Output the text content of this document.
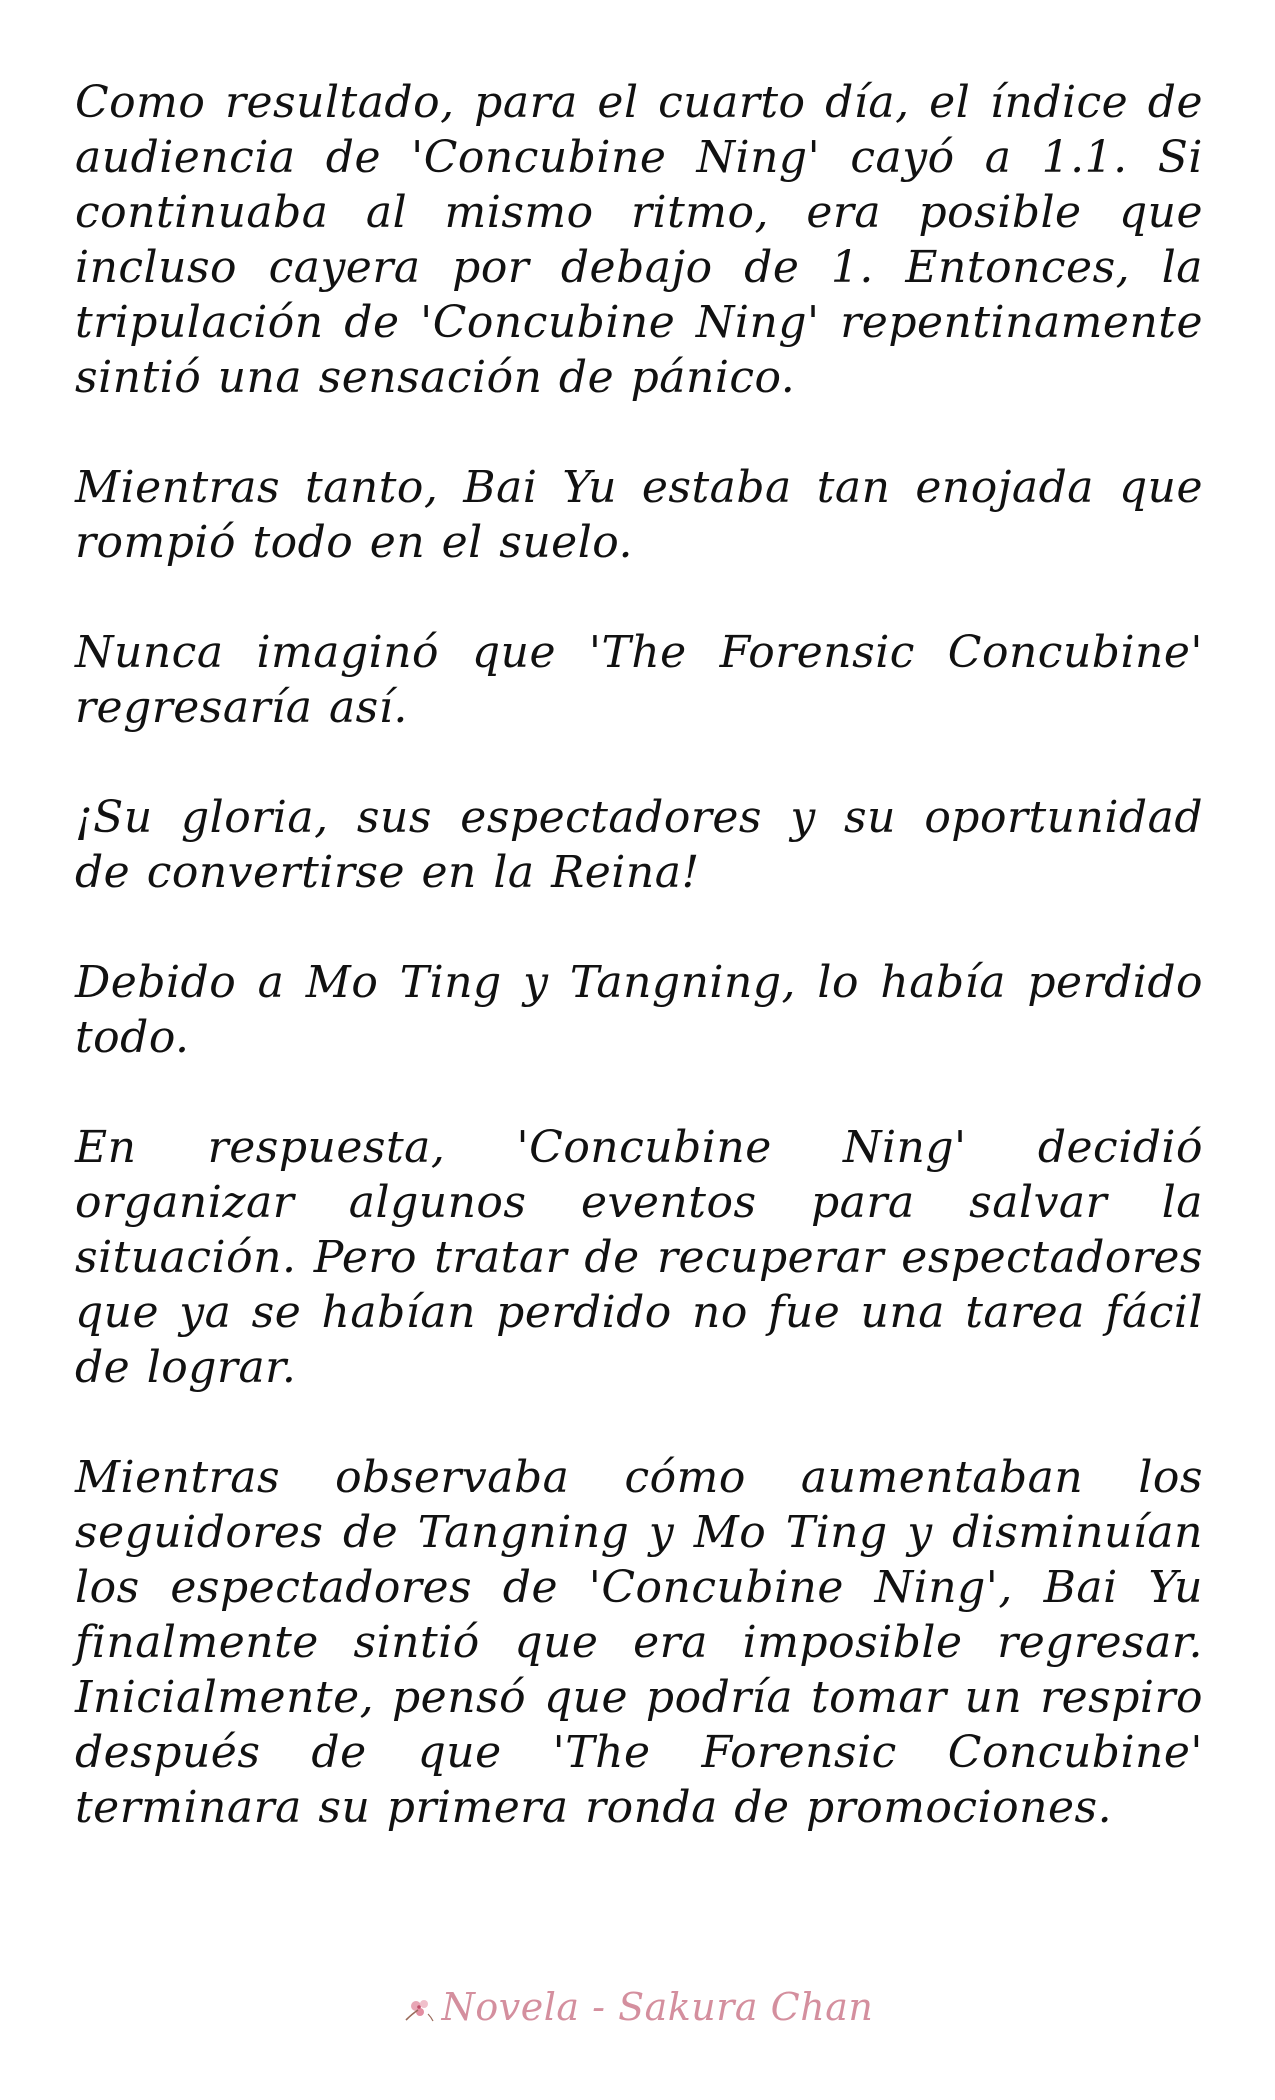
Como resultado, para el cuarto día, el índice de audiencia de 'Concubine Ning' cayó a 1.1. Si continuaba al mismo ritmo, era posible que incluso cayera por debajo de 1. Entonces, la tripulación de 'Concubine Ning' repentinamente sintió una sensación de pánico.

Mientras tanto, Bai Yu estaba tan enojada que rompió todo en el suelo.

Nunca imaginó que 'The Forensic Concubine' regresaría así.

¡Su gloria, sus espectadores y su oportunidad de convertirse en la Reina!

Debido a Mo Ting y Tangning, lo había perdido todo.

En respuesta, 'Concubine Ning' decidió organizar algunos eventos para salvar la situación. Pero tratar de recuperar espectadores que ya se habían perdido no fue una tarea fácil de lograr.

Mientras observaba cómo aumentaban los seguidores de Tangning y Mo Ting y disminuían los espectadores de 'Concubine Ning', Bai Yu finalmente sintió que era imposible regresar. Inicialmente, pensó que podría tomar un respiro después de que 'The Forensic Concubine' terminara su primera ronda de promociones.

Novela - Sakura Chan
